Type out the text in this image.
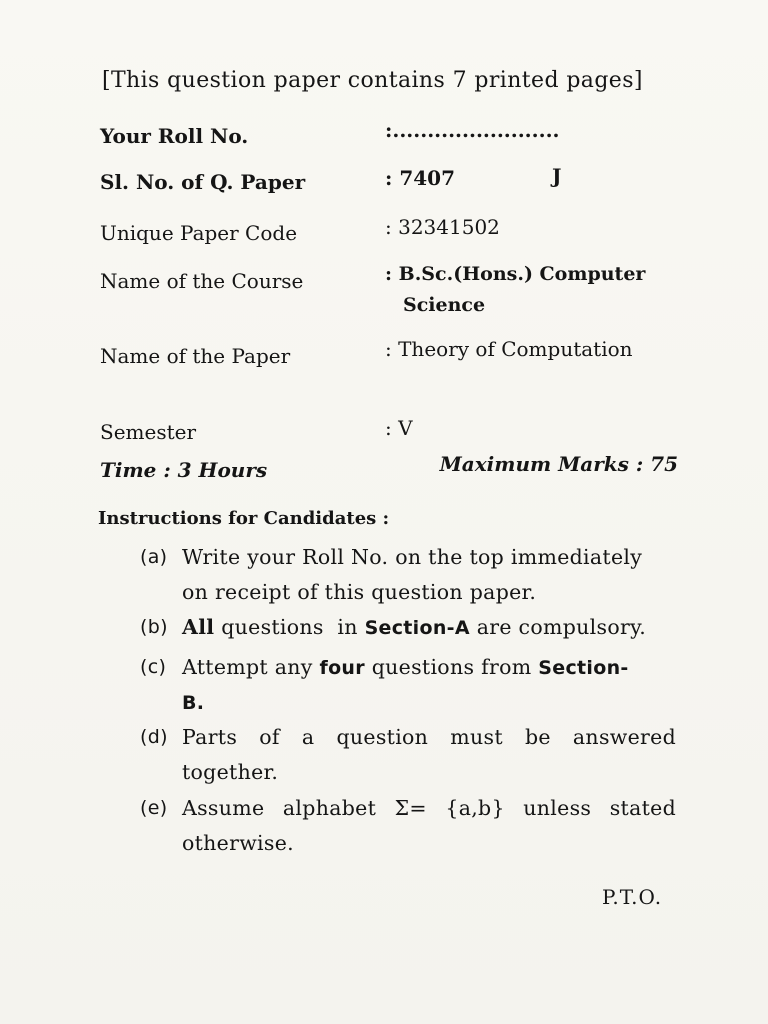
[This question paper contains 7 printed pages]
Your Roll No.	:........................
Sl. No. of Q. Paper	: 7407	J
Unique Paper Code	: 32341502
Name of the Course	: B.Sc.(Hons.) Computer
Science
Name of the Paper	: Theory of Computation
Semester	: V
Time : 3 Hours	Maximum Marks : 75
Instructions for Candidates :
(a) Write your Roll No. on the top immediately
on receipt of this question paper.
(b) All questions  in Section-A are compulsory.
(c) Attempt any four questions from Section-
B.
(d) Parts of a question must be answered
together.
(e) Assume alphabet Σ= {a,b} unless stated
otherwise.
P.T.O.
